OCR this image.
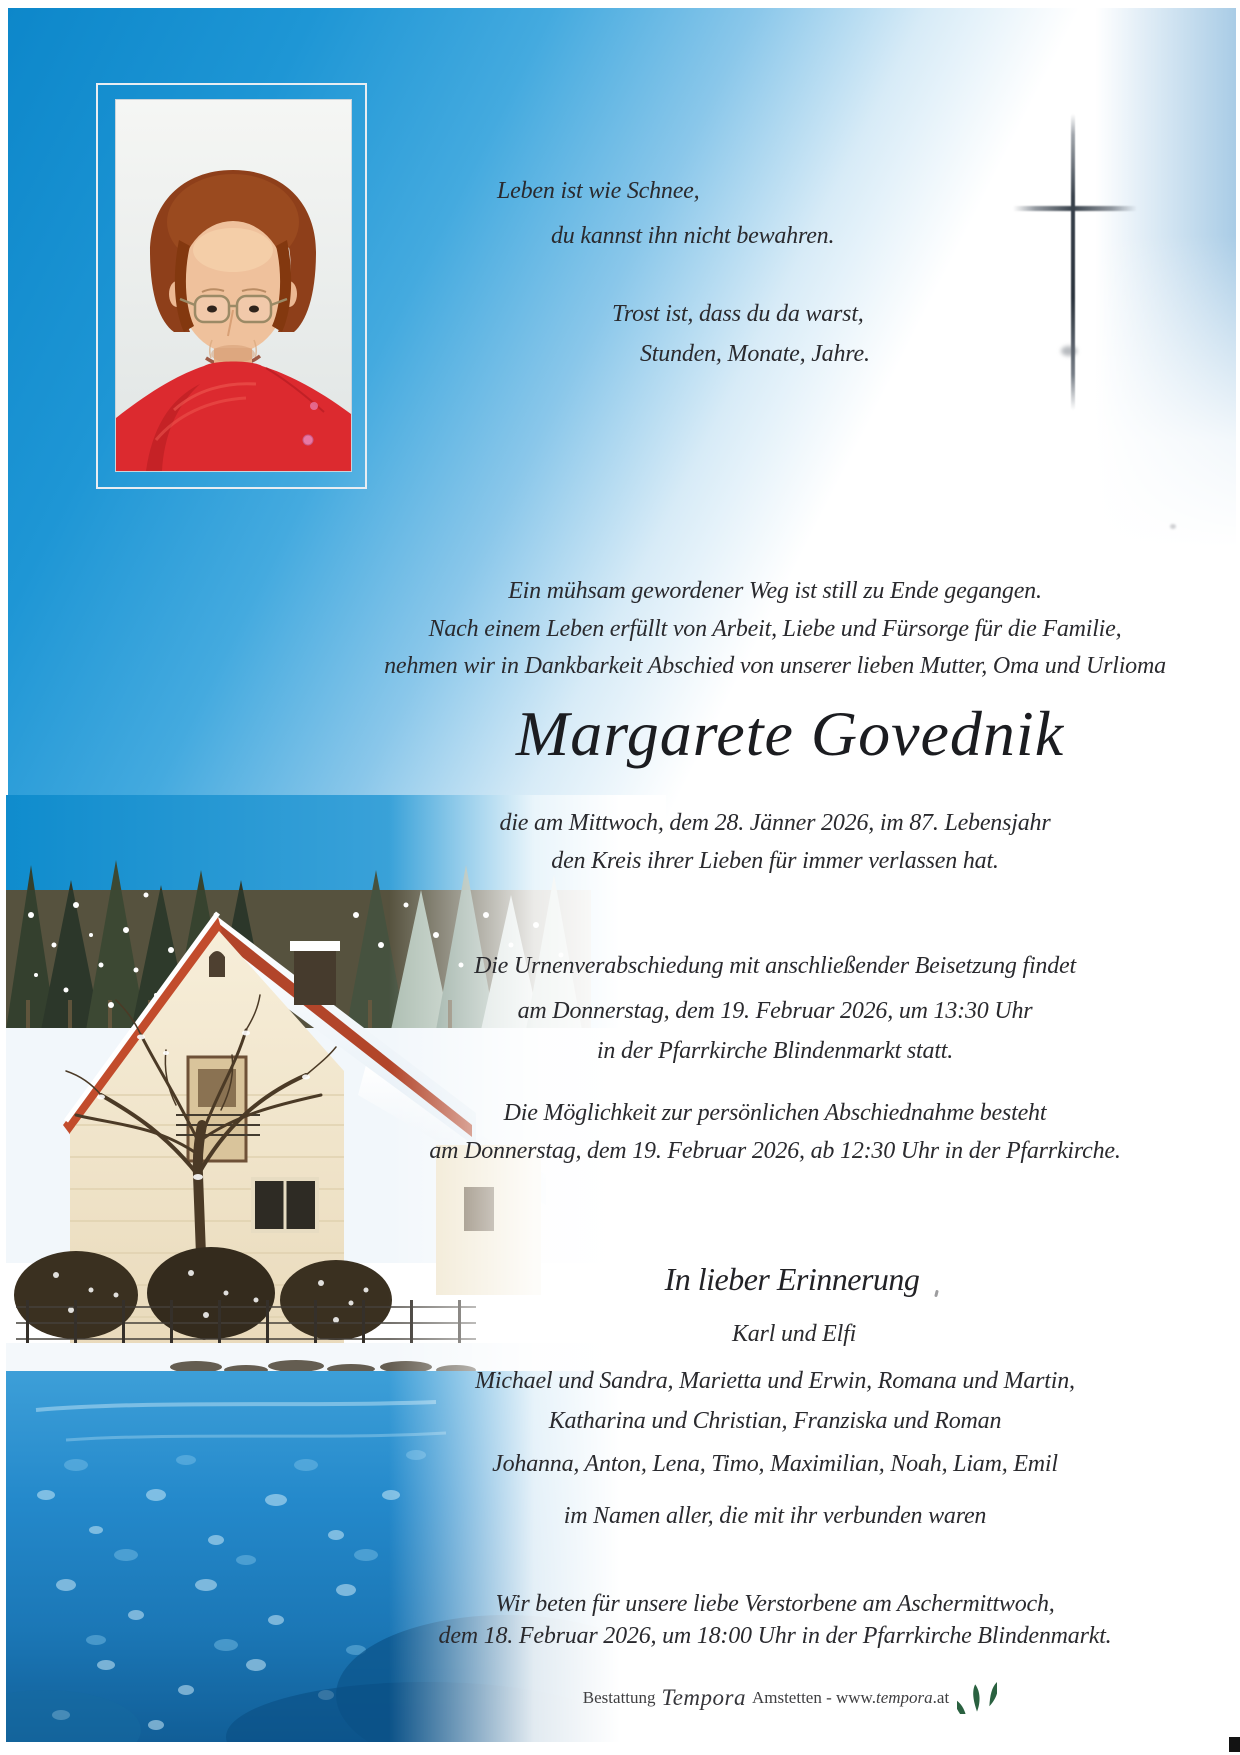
Leben ist wie Schnee,
du kannst ihn nicht bewahren.
Trost ist, dass du da warst,
Stunden, Monate, Jahre.
Ein mühsam gewordener Weg ist still zu Ende gegangen.
Nach einem Leben erfüllt von Arbeit, Liebe und Fürsorge für die Familie,
nehmen wir in Dankbarkeit Abschied von unserer lieben Mutter, Oma und Urlioma
die am Mittwoch, dem 28. Jänner 2026, im 87. Lebensjahr
den Kreis ihrer Lieben für immer verlassen hat.
Die Urnenverabschiedung mit anschließender Beisetzung findet
am Donnerstag, dem 19. Februar 2026, um 13:30 Uhr
in der Pfarrkirche Blindenmarkt statt.
Die Möglichkeit zur persönlichen Abschiednahme besteht
am Donnerstag, dem 19. Februar 2026, ab 12:30 Uhr in der Pfarrkirche.
In lieber Erinnerung
Karl und Elfi
Michael und Sandra, Marietta und Erwin, Romana und Martin,
Katharina und Christian, Franziska und Roman
Johanna, Anton, Lena, Timo, Maximilian, Noah, Liam, Emil
im Namen aller, die mit ihr verbunden waren
Wir beten für unsere liebe Verstorbene am Aschermittwoch,
dem 18. Februar 2026, um 18:00 Uhr in der Pfarrkirche Blindenmarkt.
Margarete Govednik
Bestattung Tempora Amstetten - www. tempora .at
